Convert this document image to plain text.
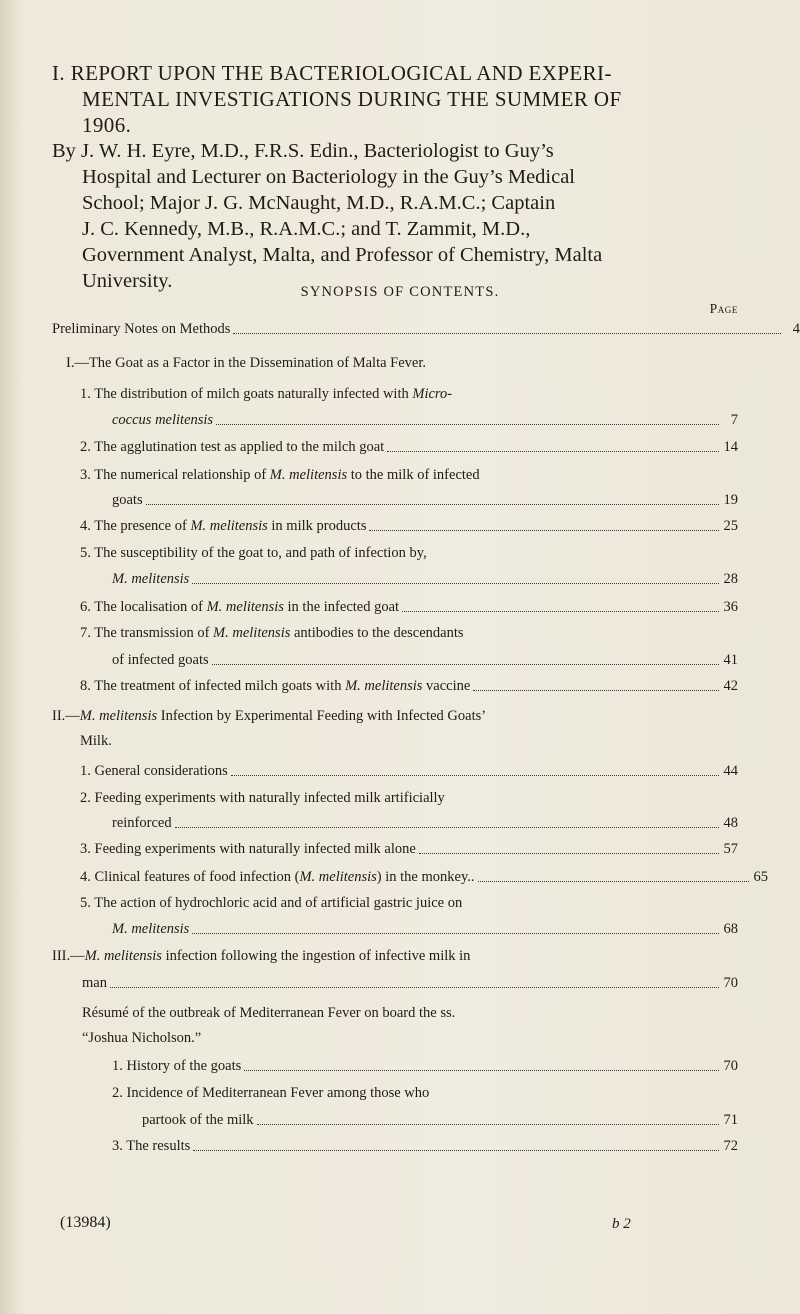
I. REPORT UPON THE BACTERIOLOGICAL AND EXPERI-
MENTAL INVESTIGATIONS DURING THE SUMMER OF
1906.
By J. W. H. Eyre, M.D., F.R.S. Edin., Bacteriologist to Guy’s
Hospital and Lecturer on Bacteriology in the Guy’s Medical
School; Major J. G. McNaught, M.D., R.A.M.C.; Captain
J. C. Kennedy, M.B., R.A.M.C.; and T. Zammit, M.D.,
Government Analyst, Malta, and Professor of Chemistry, Malta
University.	SYNOPSIS OF CONTENTS.
Page
Preliminary Notes on Methods	4
I.—The Goat as a Factor in the Dissemination of Malta Fever.
1. The distribution of milch goats naturally infected with Micro-
coccus melitensis	7
2. The agglutination test as applied to the milch goat	14
3. The numerical relationship of M. melitensis to the milk of infected
goats	19
4. The presence of M. melitensis in milk products	25
5. The susceptibility of the goat to, and path of infection by,
M. melitensis	28
6. The localisation of M. melitensis in the infected goat	36
7. The transmission of M. melitensis antibodies to the descendants
of infected goats	41
8. The treatment of infected milch goats with M. melitensis vaccine	42
II.—M. melitensis Infection by Experimental Feeding with Infected Goats’
Milk.
1. General considerations	44
2. Feeding experiments with naturally infected milk artificially
reinforced	48
3. Feeding experiments with naturally infected milk alone	57
4. Clinical features of food infection (M. melitensis) in the monkey..	65
5. The action of hydrochloric acid and of artificial gastric juice on
M. melitensis	68
III.—M. melitensis infection following the ingestion of infective milk in
man	70
Résumé of the outbreak of Mediterranean Fever on board the ss.
“Joshua Nicholson.”
1. History of the goats	70
2. Incidence of Mediterranean Fever among those who
partook of the milk	71
3. The results	72
(13984)	b 2
